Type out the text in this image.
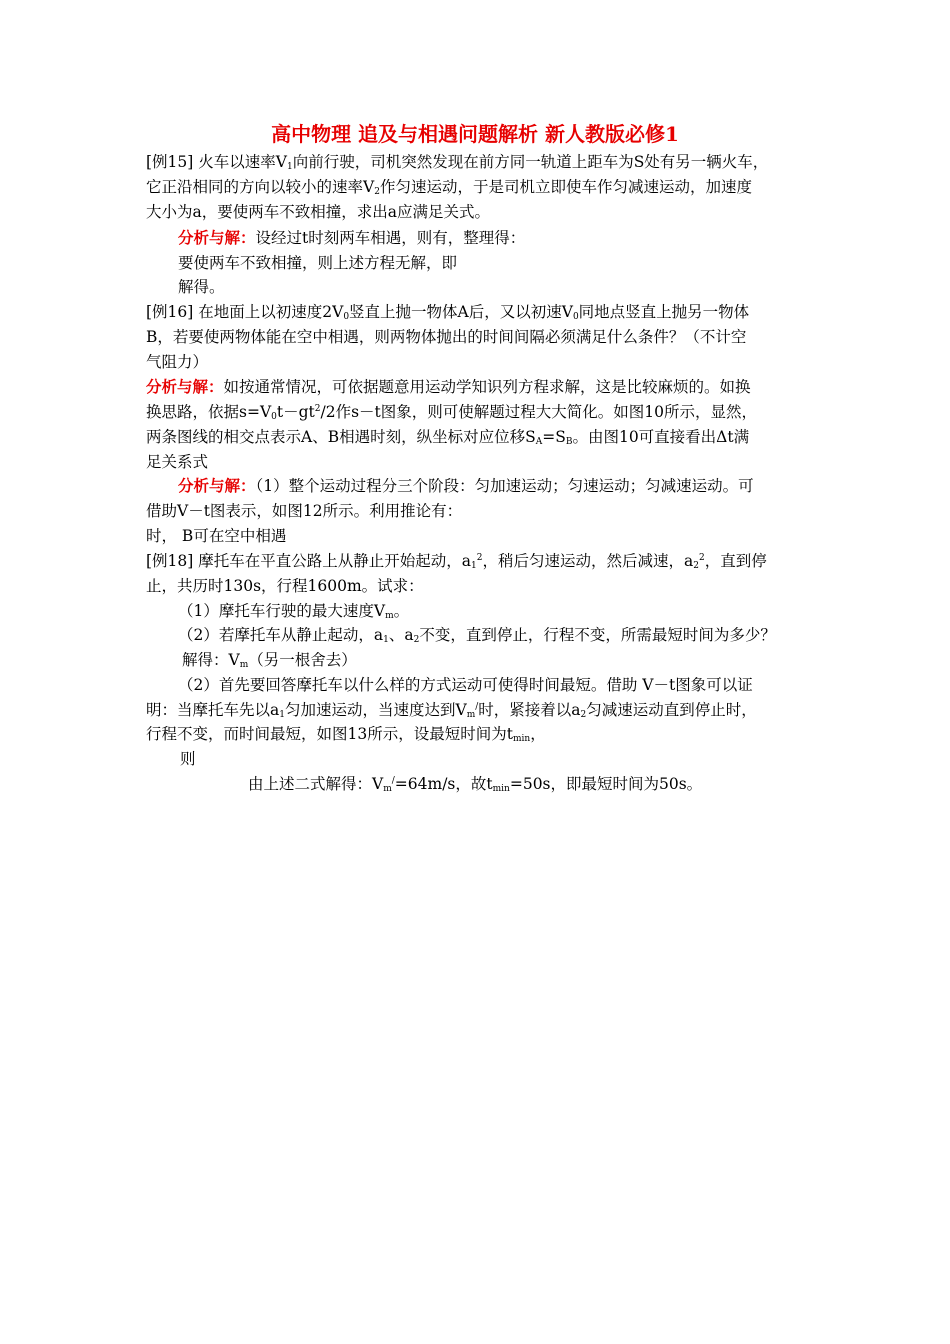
高中物理 追及与相遇问题解析 新人教版必修1
[例15] 火车以速率$V_1$向前行驶，司机突然发现在前方同一轨道上距车为S处有另一辆火车，
它正沿相同的方向以较小的速率$V_2$作匀速运动，于是司机立即使车作匀减速运动，加速度
大小为a，要使两车不致相撞，求出a应满足关式。
分析与解：设经过t时刻两车相遇，则有，整理得：
要使两车不致相撞，则上述方程无解，即
解得。
[例16] 在地面上以初速度$2V_0$竖直上抛一物体A后，又以初速$V_0$同地点竖直上抛另一物体
B，若要使两物体能在空中相遇，则两物体抛出的时间间隔必须满足什么条件？（不计空
气阻力）
分析与解：如按通常情况，可依据题意用运动学知识列方程求解，这是比较麻烦的。如换
换思路，依据$s=V_0t-gt^2/2$作s－t图象，则可使解题过程大大简化。如图10所示，显然，
两条图线的相交点表示A、B相遇时刻，纵坐标对应位移$S_A=S_B$。由图10可直接看出Δt满
足关系式
分析与解：（1）整个运动过程分三个阶段：匀加速运动；匀速运动；匀减速运动。可
借助V－t图表示，如图12所示。利用推论有：
时， B可在空中相遇
[例18] 摩托车在平直公路上从静止开始起动，$a_1^2$，稍后匀速运动，然后减速，$a_2^2$，直到停
止，共历时130s，行程1600m。试求：
（1）摩托车行驶的最大速度$V_m$。
（2）若摩托车从静止起动，$a_1$、$a_2$不变，直到停止，行程不变，所需最短时间为多少？
解得：$V_m$（另一根舍去）
（2）首先要回答摩托车以什么样的方式运动可使得时间最短。借助 V－t图象可以证
明：当摩托车先以$a_1$匀加速运动，当速度达到$V_m^/$时，紧接着以$a_2$匀减速运动直到停止时，
行程不变，而时间最短，如图13所示，设最短时间为$t_{min}$，
则
由上述二式解得：$V_m^/=64m/s$，故$t_{min}=50s$，即最短时间为50s。
